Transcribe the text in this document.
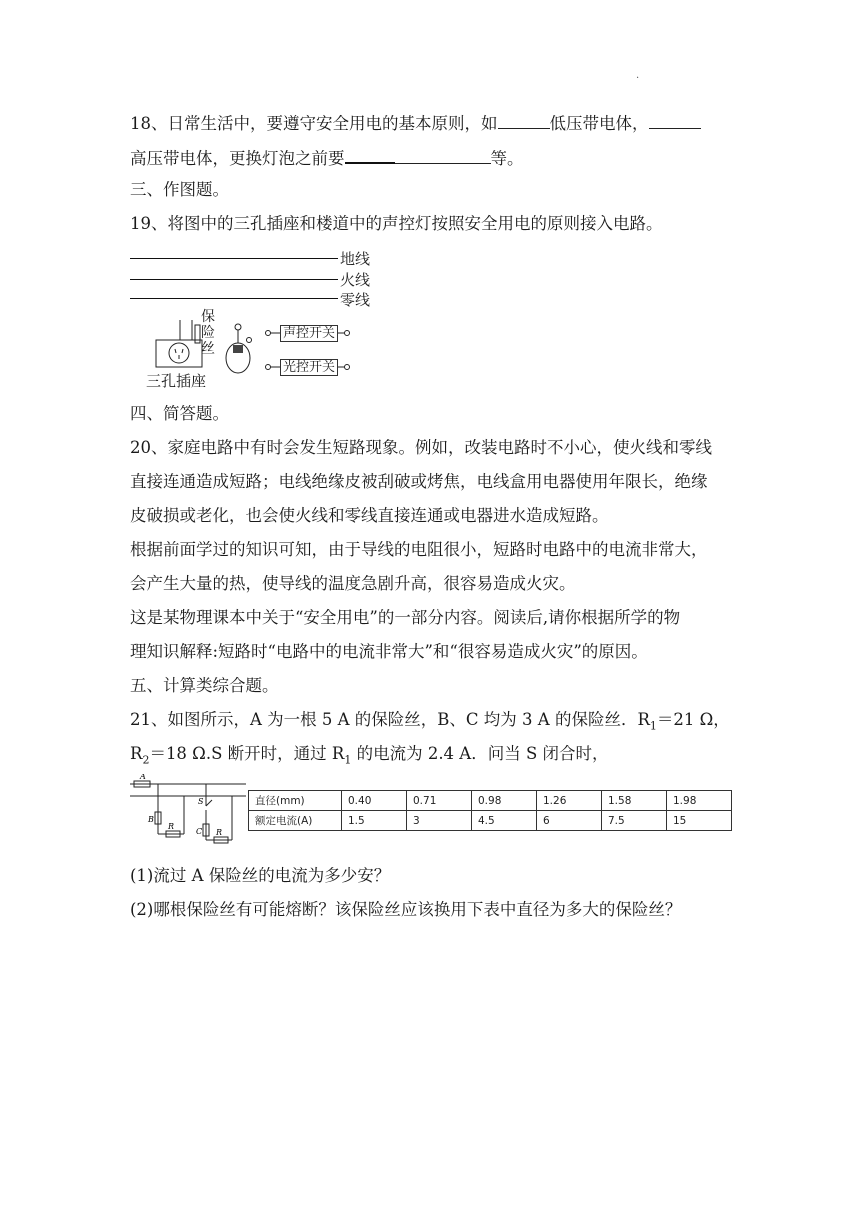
.
18、日常生活中，要遵守安全用电的基本原则，如	低压带电体，
高压带电体，更换灯泡之前要	等。
三、作图题。
19、将图中的三孔插座和楼道中的声控灯按照安全用电的原则接入电路。
地线
火线
零线
保
险
丝
三孔插座
声控开关
光控开关
四、简答题。
20、家庭电路中有时会发生短路现象。例如，改装电路时不小心，使火线和零线
直接连通造成短路；电线绝缘皮被刮破或烤焦，电线盒用电器使用年限长，绝缘
皮破损或老化，也会使火线和零线直接连通或电器进水造成短路。
根据前面学过的知识可知，由于导线的电阻很小，短路时电路中的电流非常大，
会产生大量的热，使导线的温度急剧升高，很容易造成火灾。
这是某物理课本中关于“安全用电”的一部分内容。阅读后,请你根据所学的物
理知识解释:短路时“电路中的电流非常大”和“很容易造成火灾”的原因。
五、计算类综合题。
21、如图所示，A 为一根 5 A 的保险丝，B、C 均为 3 A 的保险丝．$R_1=21$ Ω，
$R_2=18$ Ω.S 断开时，通过 $R_1$ 的电流为 2.4 A．问当 S 闭合时，
A
B
R
S
C R
直径(mm)	0.40	0.71	0.98	1.26	1.58	1.98
额定电流(A)	1.5	3	4.5	6	7.5	15
(1)流过 A 保险丝的电流为多少安？
(2)哪根保险丝有可能熔断？该保险丝应该换用下表中直径为多大的保险丝？
